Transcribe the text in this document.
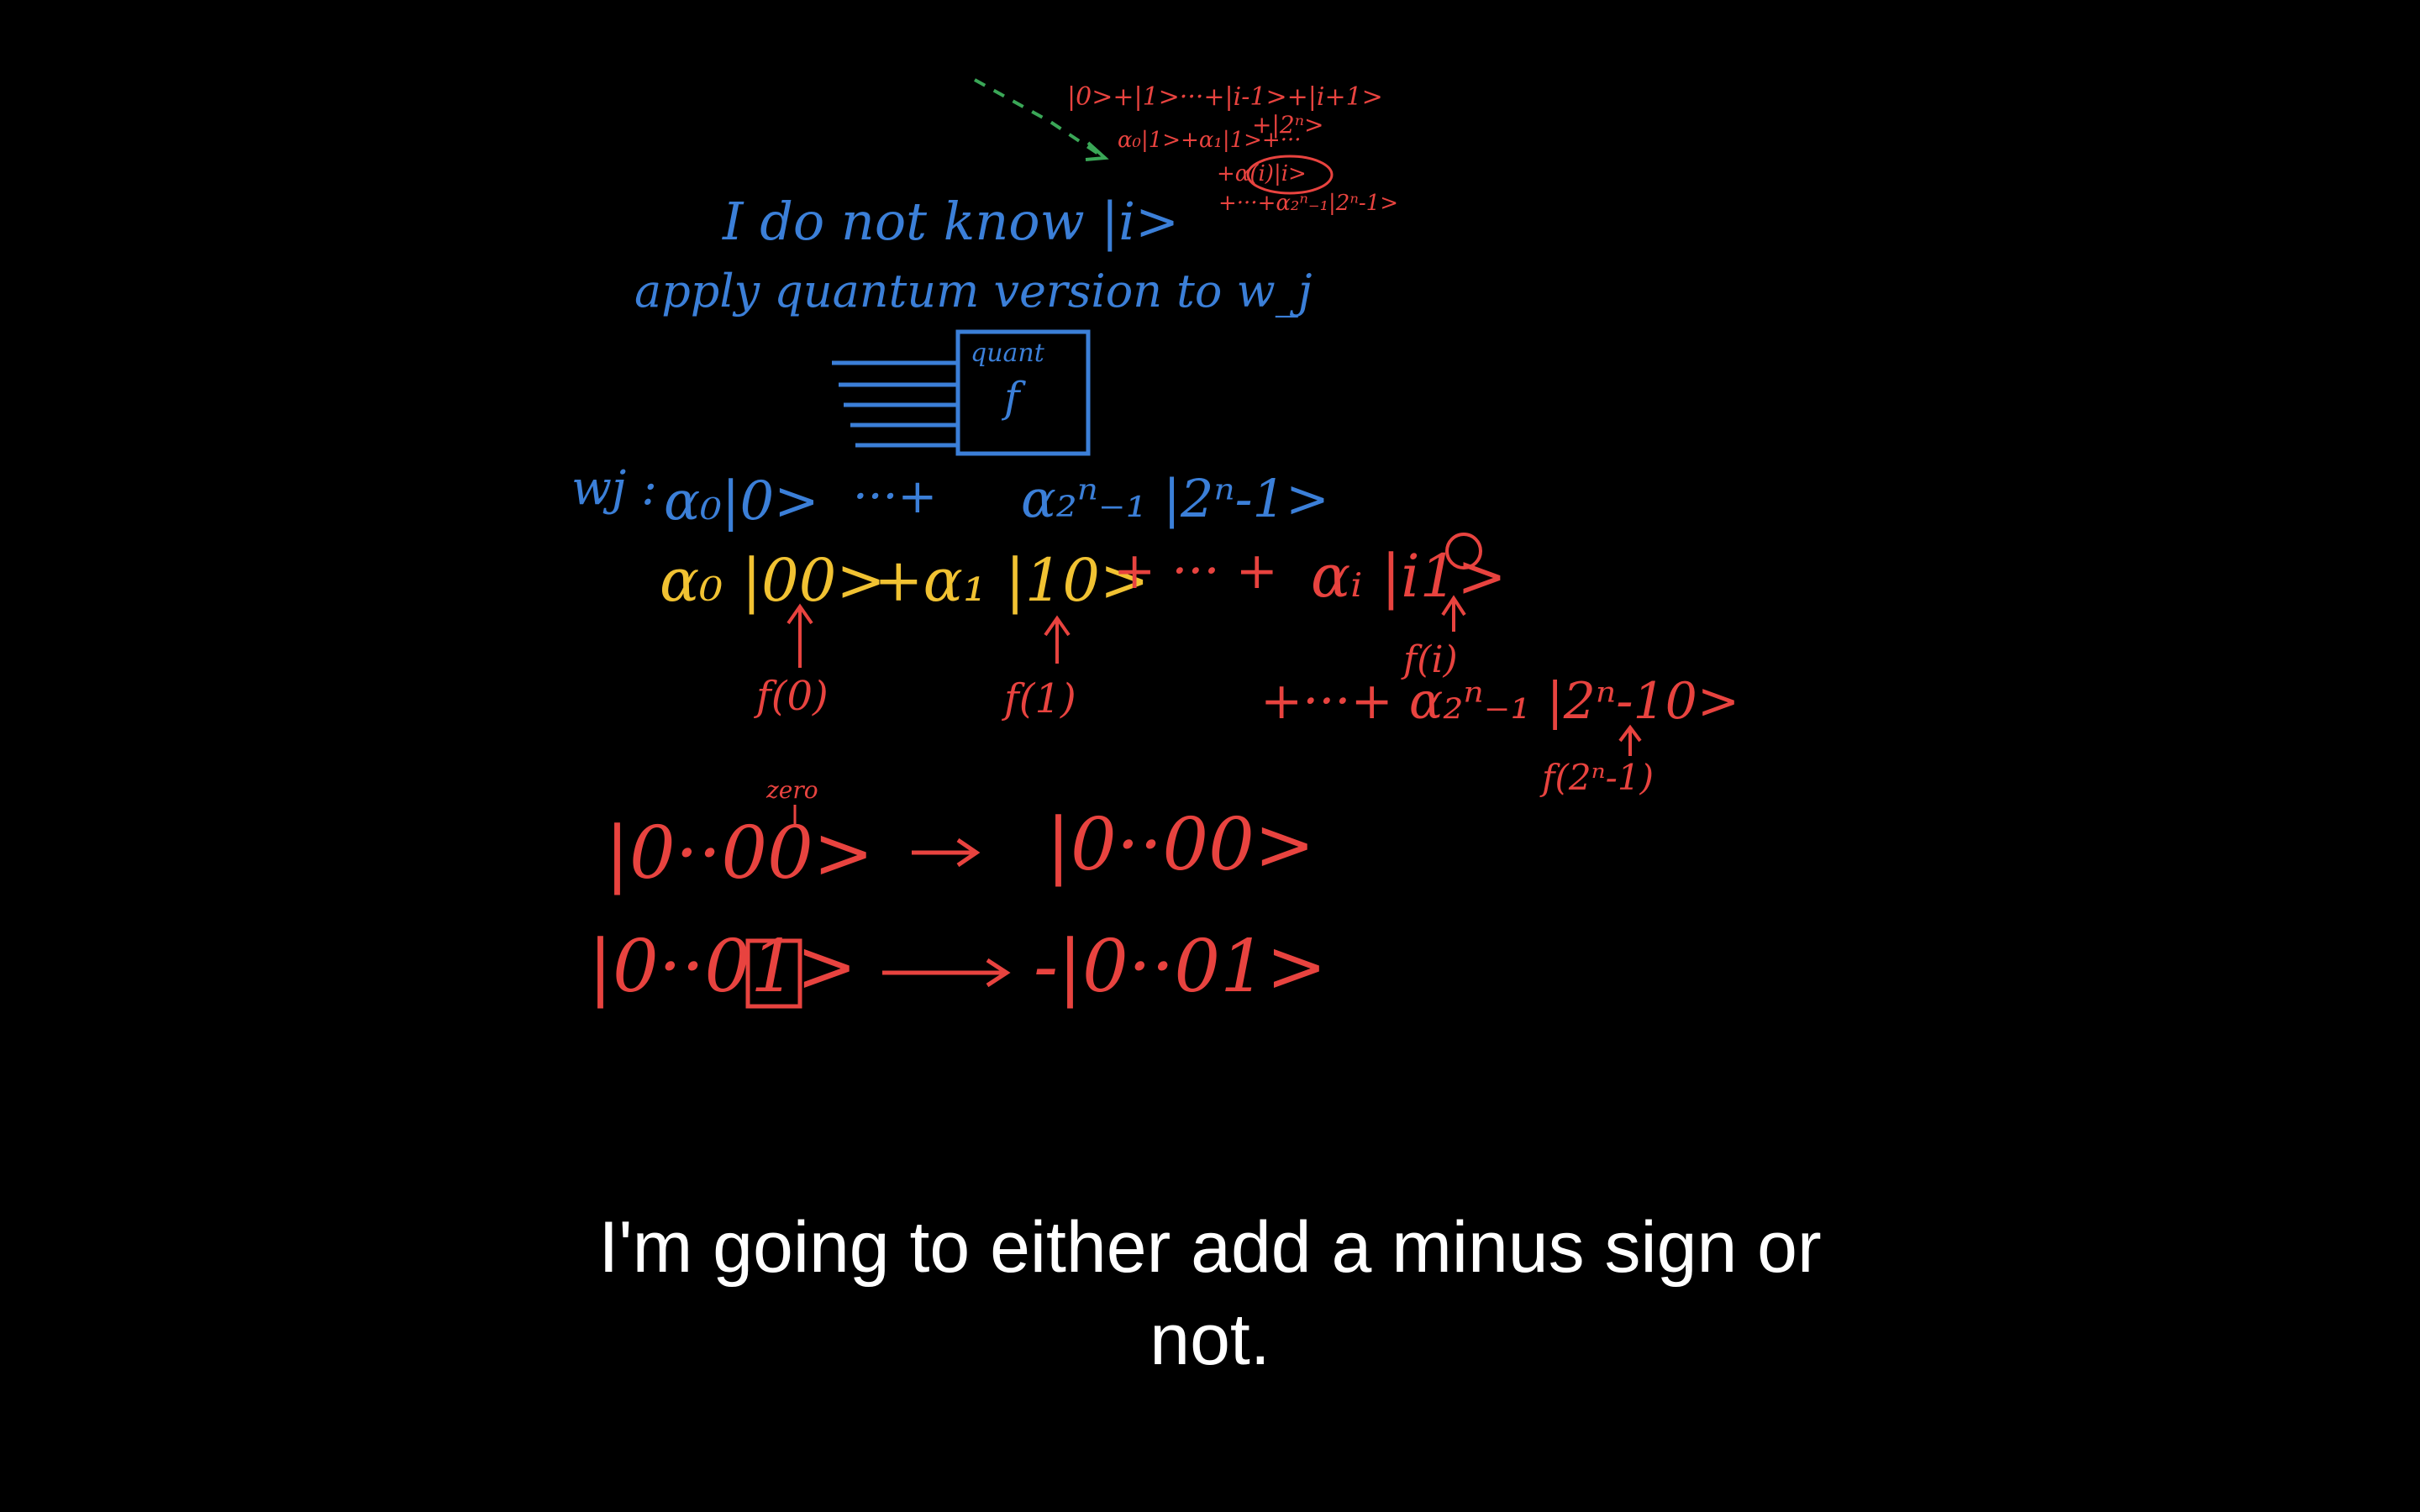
|0>+|1>···+|i-1>+|i+1>
+|2ⁿ>
α₀|1>+α₁|1>+···
+α(i)|i>
+···+α₂ⁿ₋₁|2ⁿ-1>
I do not know |i>
apply quantum version to w_j
quant
f
wj : α₀|0> ···+ α₂ⁿ₋₁ |2ⁿ-1>
α₀ |00>
+α₁ |10>
+ ··· + αᵢ |i1>
f(0)	f(1)
f(i)
+···+ α₂ⁿ₋₁ |2ⁿ-10>
f(2ⁿ-1)
zero
|0··00> |0··00>
|0··01> -|0··01>
I'm going to either add a minus sign or
not.
